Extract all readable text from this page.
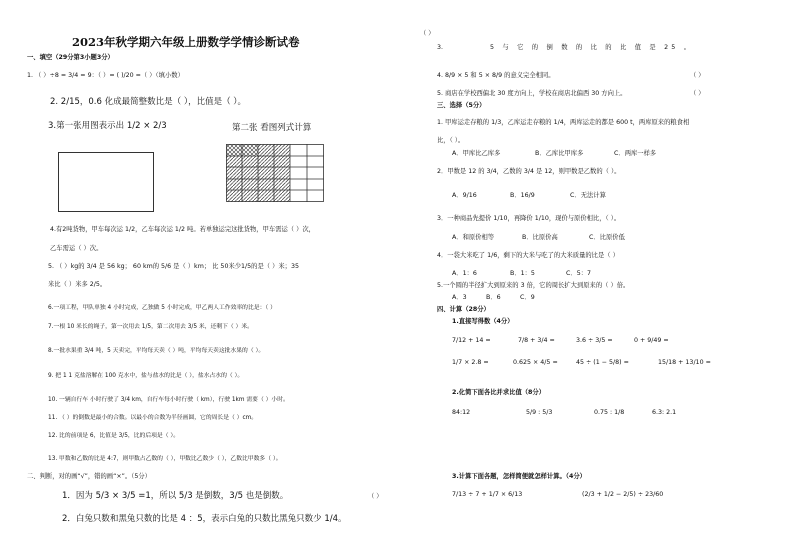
2023年秋学期六年级上册数学学情诊断试卷
一、填空（29分第3小题3分）
1. （ ）÷8 = 3/4 = 9：（ ）= ( )/20 =（ ）（填小数）
2. 2/15，0.6 化成最简整数比是（ ），比值是（ ）。
3.第一张用图表示出 1/2 × 2/3	第二张 看图列式计算
4.有2吨货物，甲车每次运 1/2，乙车每次运 1/2 吨。若单独运完这批货物，甲车需运（ ）次，
乙车需运（ ）次。
5. （ ）kg的 3/4 是 56 kg； 60 km的 5/6 是（ ）km； 比 50米少1/5的是（ ）米；35
米比（ ）米多 2/5。
6.一项工程，甲队单独 4 小时完成，乙独做 5 小时完成，甲乙两人工作效率的比是：（ ）
7.一根 10 米长的绳子，第一次用去 1/5，第二次用去 3/5 米，还剩下（ ）米。
8.一批水果重 3/4 吨，5 天卖完，平均每天卖（ ）吨，平均每天卖这批水果的（ ）。
9. 把 1 1 克盐溶解在 100 克水中，盐与盐水的比是（ ），盐水占水的（ ）。
10. 一辆自行车 小时行驶了 3/4 km，自行车每小时行驶（ km），行驶 1km 需要（ ）小时。
11. （ ）的倒数是最小的合数。以最小的合数为半径画圆，它的周长是（ ）cm。
12. 比的前项是 6，比值是 3/5，比的后项是（ ）。
13. 甲数和乙数的比是 4:7，则甲数占乙数的（ ），甲数比乙数少（ ），乙数比甲数多（ ）。
二、判断，对的画“√”，错的画“×”。（5分）
1．因为 5/3 × 3/5 =1，所以 5/3 是倒数，3/5 也是倒数。	（ ）
2．白兔只数和黑兔只数的比是 4 ：5，表示白兔的只数比黑兔只数少 1/4。
（ ）
3.	5 与 它 的 倒 数 的 比 的 比 值 是 25 。
4. 8/9 × 5 和 5 × 8/9 的意义完全相同。	（ ）
5. 商店在学校西偏北 30 度方向上，学校在商店北偏西 30 方向上。	（ ）
三、选择（5分）
1. 甲库运走存粮的 1/3，乙库运走存粮的 1/4，两库运走的都是 600 t，两库原来的粮食相
比，（ ）。
A．甲库比乙库多	B．乙库比甲库多	C．两库一样多
2．甲数是 12 的 3/4，乙数的 3/4 是 12，则甲数是乙数的（ ）。
A．9/16	B．16/9	C．无法计算
3．一种商品先提价 1/10，再降价 1/10，现价与原价相比，（ ）。
A．和原价相等	B．比原价高	C．比原价低
4．一袋大米吃了 1/6，剩下的大米与吃了的大米质量的比是（ ）
A．1：6	B．1：5	C．5：7
5.一个圆的半径扩大到原来的 3 倍，它的周长扩大到原来的（ ）倍。
A．3	B．6	C．9
四、计算（28分）
1.直接写得数（4分）
7/12 + 14 =	7/8 + 3/4 =	3.6 ÷ 3/5 =	0 + 9/49 =
1/7 × 2.8 =	0.625 × 4/5 =	45 ÷ (1 − 5/8) =	15/18 + 13/10 =
2.化简下面各比并求比值（8分）
84:12	5/9 : 5/3	0.75 : 1/8	6.3: 2.1
3.计算下面各题，怎样简便就怎样计算。（4分）
7/13 ÷ 7 + 1/7 × 6/13	(2/3 + 1/2 − 2/5) ÷ 23/60
